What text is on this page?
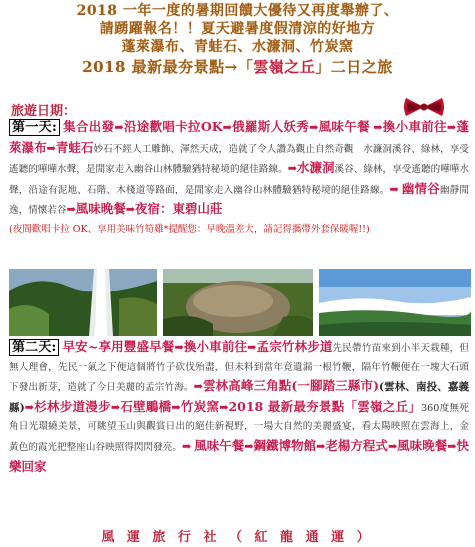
2018 一年一度的暑期回饋大優待又再度舉辦了、
請踴躍報名！！夏天避暑度假清涼的好地方
蓬萊瀑布、青蛙石、水濂洞、竹炭窯
2018 最新最夯景點→「雲嶺之丘」二日之旅
旅遊日期：
第一天: 集合出發➡沿途歡唱卡拉OK➡俄羅斯人妖秀➡風味午餐 ➡換小車前往➡蓬萊瀑布➡青蛙石妙石不經人工雕飾、渾然天成，造就了令人讚為觀止自然奇觀　水濂洞溪谷、綠林，享受遙聽的嘩嘩水聲，是閒家走入幽谷山林體驗猶特秘境的絕佳路線。➡水濂洞溪谷、綠林，享受遙聽的嘩嘩水聲，沿途有泥地、石階、木棧道等路面，是閒家走入幽谷山林體驗猶特秘境的絕佳路線。➡ 幽情谷幽靜閒逸，情懷若谷➡風味晚餐➡夜宿：東碧山莊
(夜間歡唱卡拉 OK、享用美味竹筍雞*提醒您：早晚溫差大，請記得攜帶外套保暖喔!!)
第二天: 早安~享用豐盛早餐➡換小車前往➡孟宗竹林步道先民帶竹苗來到小半天栽種，但無人理會，先民一氣之下便這個將竹子砍伐殆盡，但未料到當年竟遺漏一根竹鞭，隔年竹鞭便在一塊大石頭下發出新芽，造就了今日美麗的孟宗竹海。➡雲林高峰三角點(一腳踏三縣市)(雲林、南投、嘉義縣)➡杉林步道漫步➡石壁鵰橋➡竹炭窯➡2018 最新最夯景點「雲嶺之丘」360度無死角日光環繞美景，可眺望玉山與觀賞日出的絕佳新視野，一場大自然的美麗盛宴，看太陽映照在雲海上，金黃色的霞光把整座山谷映照得閃閃發亮。➡ 風味午餐➡鋼鐵博物館➡老楊方程式➡風味晚餐➡快樂回家
風 運 旅 行 社 （ 紅 龍 通 運 ）
